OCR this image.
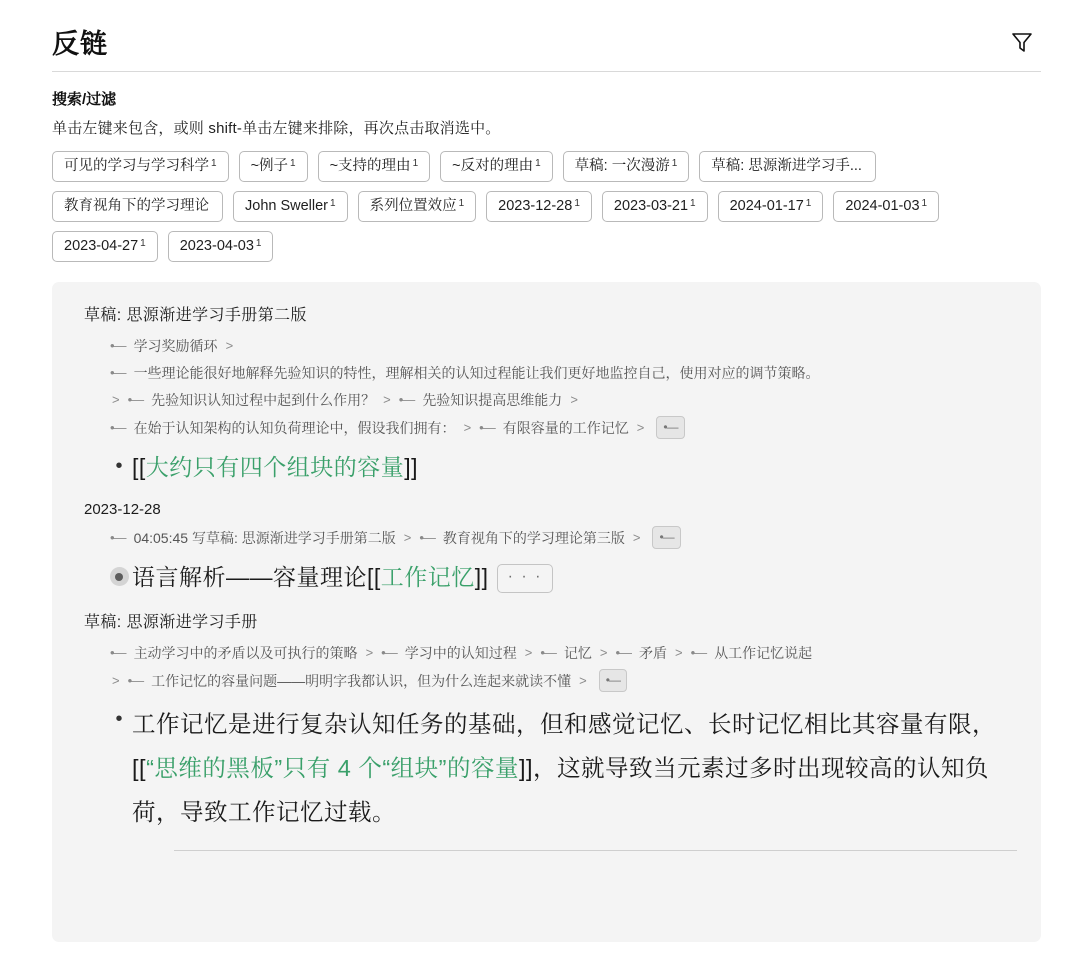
反链
搜索/过滤
单击左键来包含，或则 shift-单击左键来排除，再次点击取消选中。
可见的学习与学习科学$^1$ ~例子$^1$ ~支持的理由$^1$ ~反对的理由$^1$ 草稿: 一次漫游$^1$ 草稿: 思源渐进学习手...
教育视角下的学习理论 John Sweller$^1$ 系列位置效应$^1$ $2023-12-28^1$ $2023-03-21^1$ $2024-01-17^1$ $2024-01-03^1$
$2023-04-27^1$ $2023-04-03^1$
草稿: 思源渐进学习手册第二版
•— 学习奖励循环 >
•— 一些理论能很好地解释先验知识的特性，理解相关的认知过程能让我们更好地监控自己，使用对应的调节策略。
> •— 先验知识认知过程中起到什么作用？ > •— 先验知识提高思维能力 >
•— 在始于认知架构的认知负荷理论中，假设我们拥有： > •— 有限容量的工作记忆 >	•—
• [[大约只有四个组块的容量]]
2023-12-28
•— 04:05:45 写草稿: 思源渐进学习手册第二版 > •— 教育视角下的学习理论第三版 >	•—
语言解析——容量理论[[工作记忆]] · · ·
草稿: 思源渐进学习手册
•— 主动学习中的矛盾以及可执行的策略 > •— 学习中的认知过程 > •— 记忆 > •— 矛盾 > •— 从工作记忆说起
> •— 工作记忆的容量问题——明明字我都认识，但为什么连起来就读不懂 >	•—
• 工作记忆是进行复杂认知任务的基础，但和感觉记忆、长时记忆相比其容量有限，[[“思维的黑板”只有 4 个“组块”的容量]]，这就导致当元素过多时出现较高的认知负荷，导致工作记忆过载。
